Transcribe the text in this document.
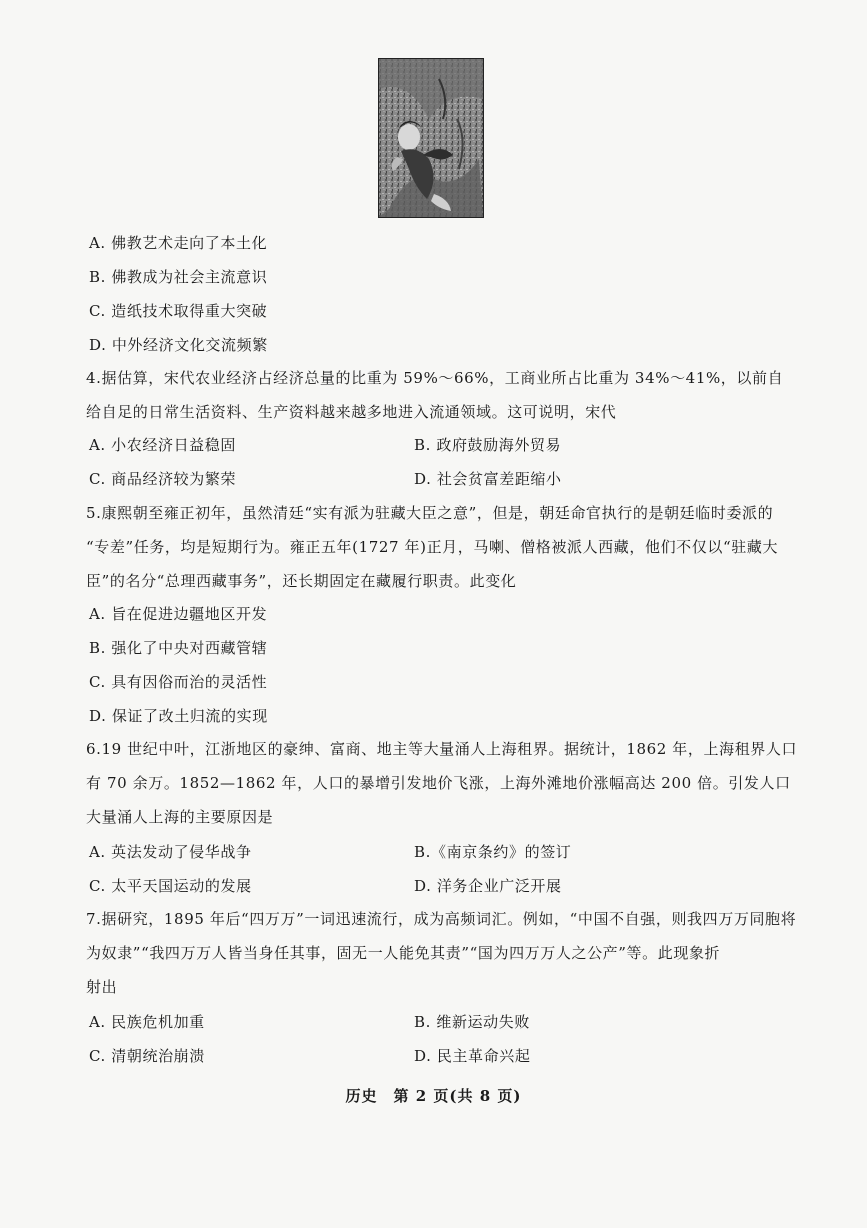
A. 佛教艺术走向了本土化
B. 佛教成为社会主流意识
C. 造纸技术取得重大突破
D. 中外经济文化交流频繁
4.据估算，宋代农业经济占经济总量的比重为 59%～66%，工商业所占比重为 34%～41%，以前自
给自足的日常生活资料、生产资料越来越多地进入流通领域。这可说明，宋代
A. 小农经济日益稳固	B. 政府鼓励海外贸易
C. 商品经济较为繁荣	D. 社会贫富差距缩小
5.康熙朝至雍正初年，虽然清廷“实有派为驻藏大臣之意”，但是，朝廷命官执行的是朝廷临时委派的
“专差”任务，均是短期行为。雍正五年(1727 年)正月，马喇、僧格被派人西藏，他们不仅以“驻藏大
臣”的名分“总理西藏事务”，还长期固定在藏履行职责。此变化
A. 旨在促进边疆地区开发
B. 强化了中央对西藏管辖
C. 具有因俗而治的灵活性
D. 保证了改土归流的实现
6.19 世纪中叶，江浙地区的豪绅、富商、地主等大量涌人上海租界。据统计，1862 年，上海租界人口
有 70 余万。1852—1862 年，人口的暴增引发地价飞涨，上海外滩地价涨幅高达 200 倍。引发人口
大量涌人上海的主要原因是
A. 英法发动了侵华战争	B.《南京条约》的签订
C. 太平天国运动的发展	D. 洋务企业广泛开展
7.据研究，1895 年后“四万万”一词迅速流行，成为高频词汇。例如，“中国不自强，则我四万万同胞将
为奴隶”“我四万万人皆当身任其事，固无一人能免其责”“国为四万万人之公产”等。此现象折
射出
A. 民族危机加重	B. 维新运动失败
C. 清朝统治崩溃	D. 民主革命兴起
历史　第 2 页(共 8 页)
